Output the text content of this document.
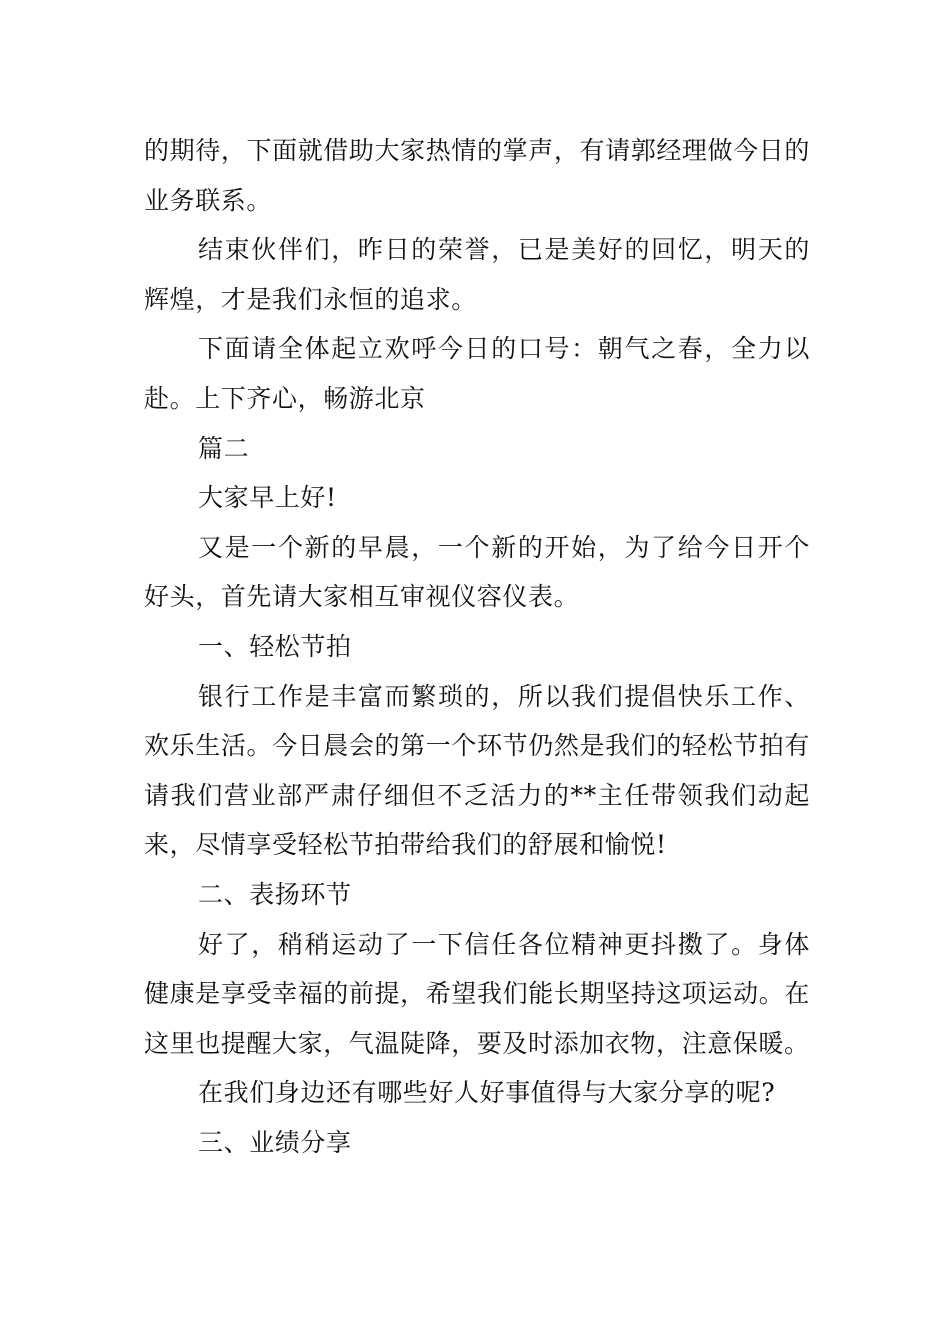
的期待，下面就借助大家热情的掌声，有请郭经理做今日的业务联系。

结束伙伴们，昨日的荣誉，已是美好的回忆，明天的辉煌，才是我们永恒的追求。

下面请全体起立欢呼今日的口号：朝气之春，全力以赴。上下齐心，畅游北京

篇二

大家早上好!

又是一个新的早晨，一个新的开始，为了给今日开个好头，首先请大家相互审视仪容仪表。

一、轻松节拍

银行工作是丰富而繁琐的，所以我们提倡快乐工作、欢乐生活。今日晨会的第一个环节仍然是我们的轻松节拍有请我们营业部严肃仔细但不乏活力的**主任带领我们动起来，尽情享受轻松节拍带给我们的舒展和愉悦!

二、表扬环节

好了，稍稍运动了一下信任各位精神更抖擞了。身体健康是享受幸福的前提，希望我们能长期坚持这项运动。在这里也提醒大家，气温陡降，要及时添加衣物，注意保暖。

在我们身边还有哪些好人好事值得与大家分享的呢?

三、业绩分享
